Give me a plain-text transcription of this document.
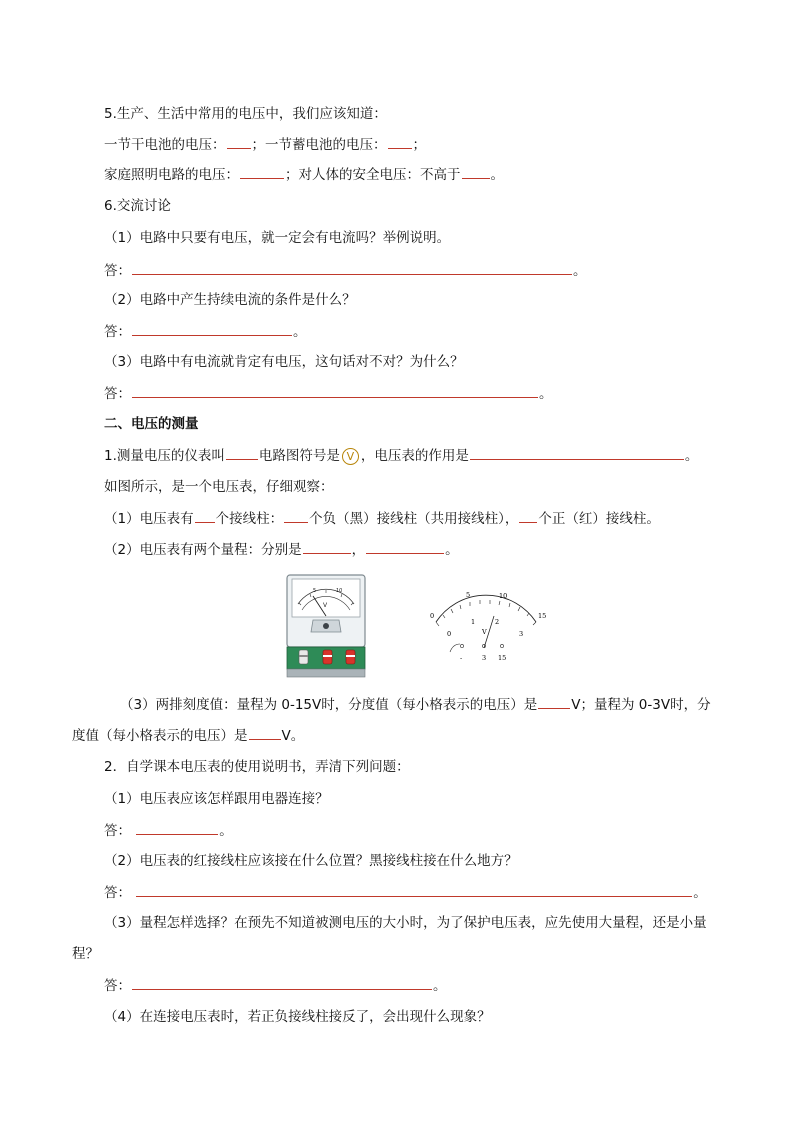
5.生产、生活中常用的电压中，我们应该知道：
一节干电池的电压： ；一节蓄电池的电压： ；
家庭照明电路的电压：	；对人体的安全电压：不高于 。
6.交流讨论
（1）电路中只要有电压，就一定会有电流吗？举例说明。
答：	。
（2）电路中产生持续电流的条件是什么？
答：	。
（3）电路中有电流就肯定有电压，这句话对不对？为什么？
答：	。
二、电压的测量
1.测量电压的仪表叫	电路图符号是 V ，电压表的作用是	。
如图所示，是一个电压表，仔细观察：
（1）电压表有 个接线柱： 个负（黑）接线柱（共用接线柱）， 个正（红）接线柱。
（2）电压表有两个量程：分别是	，	。
5	10
V
0
5	10
15
0
1	2
3
V
-	3 15
（3）两排刻度值：量程为 0-15V时，分度值（每小格表示的电压）是	V；量程为 0-3V时，分
度值（每小格表示的电压）是	V。
2．自学课本电压表的使用说明书，弄清下列问题：
（1）电压表应该怎样跟用电器连接？
答：	。
（2）电压表的红接线柱应该接在什么位置？黑接线柱接在什么地方？
答：	。
（3）量程怎样选择？在预先不知道被测电压的大小时，为了保护电压表，应先使用大量程，还是小量
程？
答：	。
（4）在连接电压表时，若正负接线柱接反了，会出现什么现象？
